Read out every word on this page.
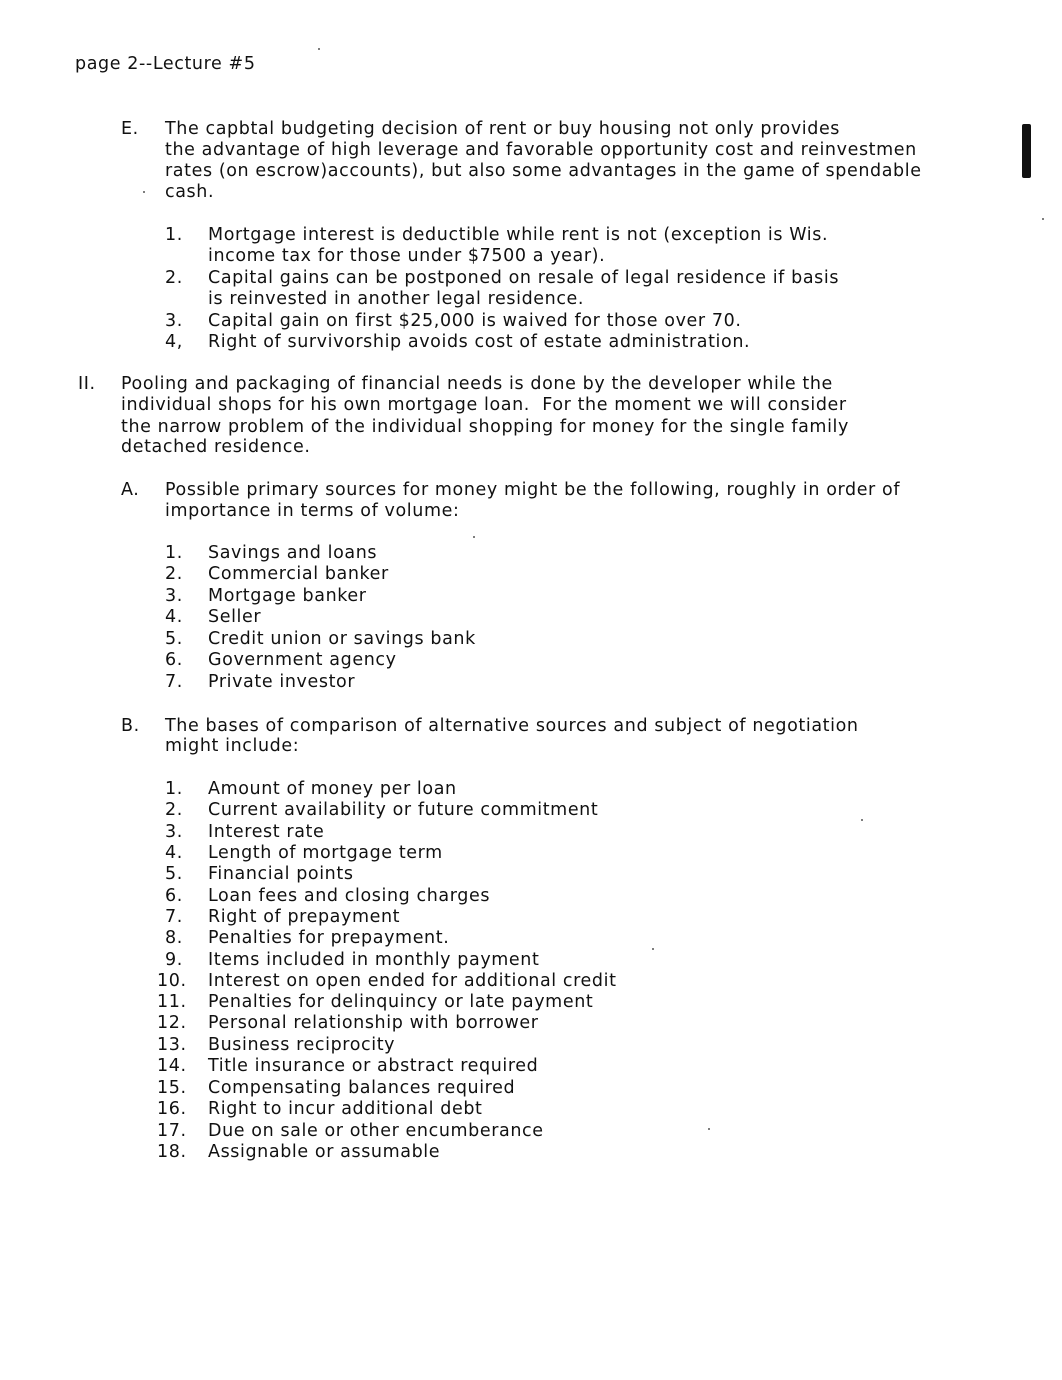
page 2--Lecture #5
E. The capbtal budgeting decision of rent or buy housing not only provides
the advantage of high leverage and favorable opportunity cost and reinvestmen
rates (on escrow)accounts), but also some advantages in the game of spendable
cash.
1. Mortgage interest is deductible while rent is not (exception is Wis.
income tax for those under $7500 a year).
2. Capital gains can be postponed on resale of legal residence if basis
is reinvested in another legal residence.
3. Capital gain on first $25,000 is waived for those over 70.
4, Right of survivorship avoids cost of estate administration.
II. Pooling and packaging of financial needs is done by the developer while the
individual shops for his own mortgage loan.  For the moment we will consider
the narrow problem of the individual shopping for money for the single family
detached residence.
A. Possible primary sources for money might be the following, roughly in order of
importance in terms of volume:
1. Savings and loans
2. Commercial banker
3. Mortgage banker
4. Seller
5. Credit union or savings bank
6. Government agency
7. Private investor
B. The bases of comparison of alternative sources and subject of negotiation
might include:
1. Amount of money per loan
2. Current availability or future commitment
3. Interest rate
4. Length of mortgage term
5. Financial points
6. Loan fees and closing charges
7. Right of prepayment
8. Penalties for prepayment.
9. Items included in monthly payment
10. Interest on open ended for additional credit
11. Penalties for delinquincy or late payment
12. Personal relationship with borrower
13. Business reciprocity
14. Title insurance or abstract required
15. Compensating balances required
16. Right to incur additional debt
17. Due on sale or other encumberance
18. Assignable or assumable
